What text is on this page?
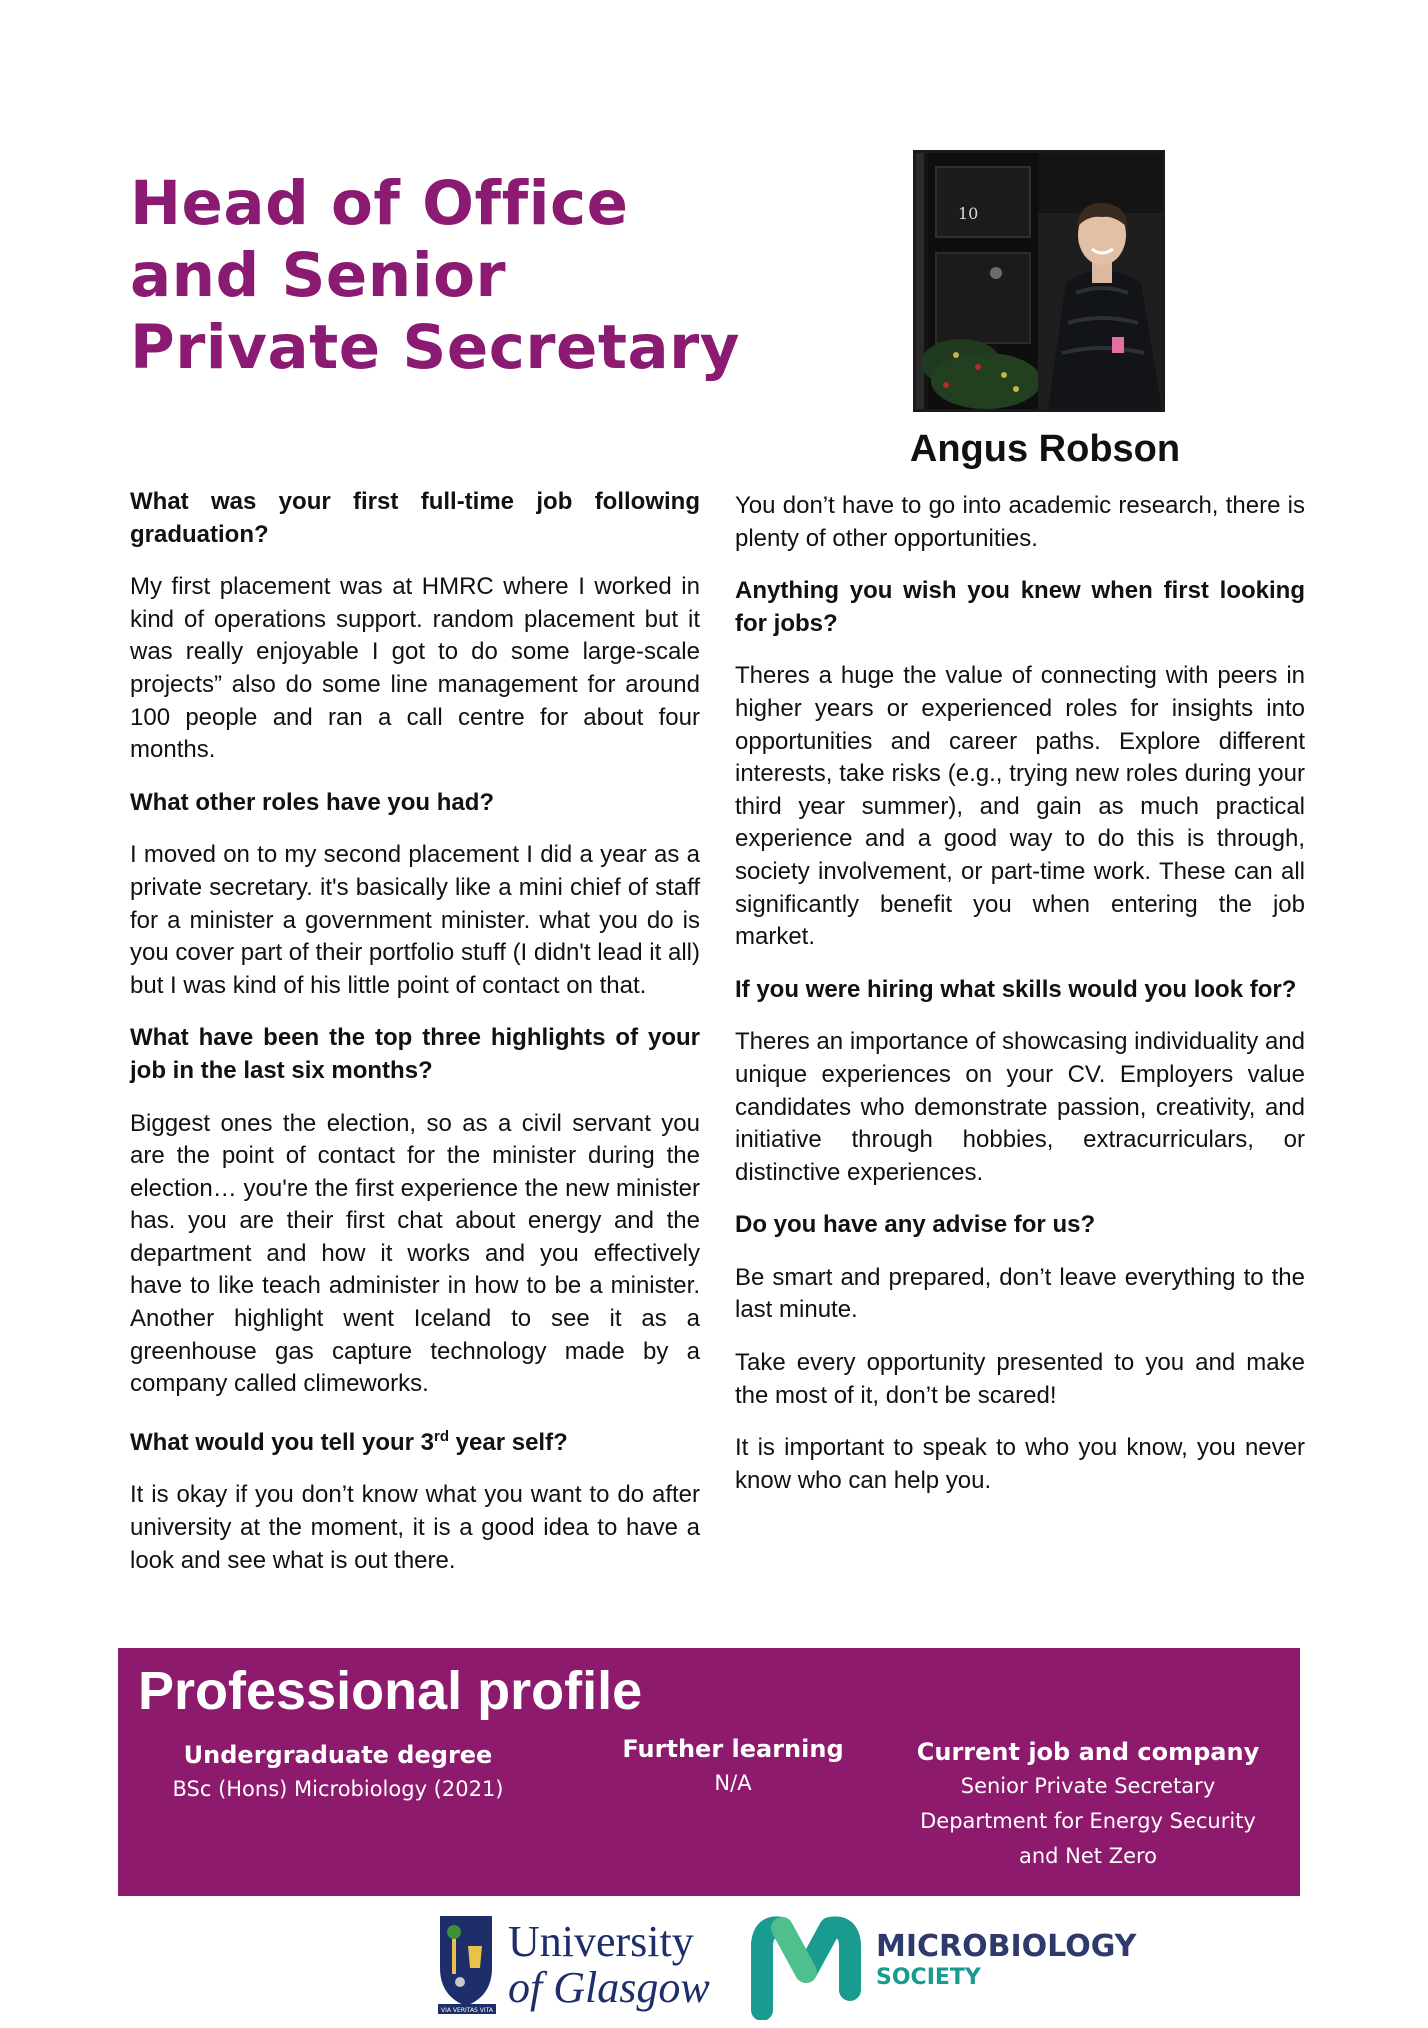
Head of Office and Senior Private Secretary
10
Angus Robson

What was your first full-time job following graduation?

My first placement was at HMRC where I worked in kind of operations support. random placement but it was really enjoyable I got to do some large-scale projects” also do some line management for around 100 people and ran a call centre for about four months.

What other roles have you had?

I moved on to my second placement I did a year as a private secretary. it's basically like a mini chief of staff for a minister a government minister. what you do is you cover part of their portfolio stuff (I didn't lead it all) but I was kind of his little point of contact on that.

What have been the top three highlights of your job in the last six months?

Biggest ones the election, so as a civil servant you are the point of contact for the minister during the election… you're the first experience the new minister has. you are their first chat about energy and the department and how it works and you effectively have to like teach administer in how to be a minister. Another highlight went Iceland to see it as a greenhouse gas capture technology made by a company called climeworks.

What would you tell your 3rd year self?

It is okay if you don’t know what you want to do after university at the moment, it is a good idea to have a look and see what is out there.

You don’t have to go into academic research, there is plenty of other opportunities.

Anything you wish you knew when first looking for jobs?

Theres a huge the value of connecting with peers in higher years or experienced roles for insights into opportunities and career paths. Explore different interests, take risks (e.g., trying new roles during your third year summer), and gain as much practical experience and a good way to do this is through, society involvement, or part-time work. These can all significantly benefit you when entering the job market.

If you were hiring what skills would you look for?

Theres an importance of showcasing individuality and unique experiences on your CV. Employers value candidates who demonstrate passion, creativity, and initiative through hobbies, extracurriculars, or distinctive experiences.

Do you have any advise for us?

Be smart and prepared, don’t leave everything to the last minute.

Take every opportunity presented to you and make the most of it, don’t be scared!

It is important to speak to who you know, you never know who can help you.

Professional profile
Undergraduate degree
BSc (Hons) Microbiology (2021)
Further learning
N/A
Current job and company
Senior Private Secretary
Department for Energy Security
and Net Zero
VIA VERITAS VITA
University
of Glasgow
MICROBIOLOGY
SOCIETY
